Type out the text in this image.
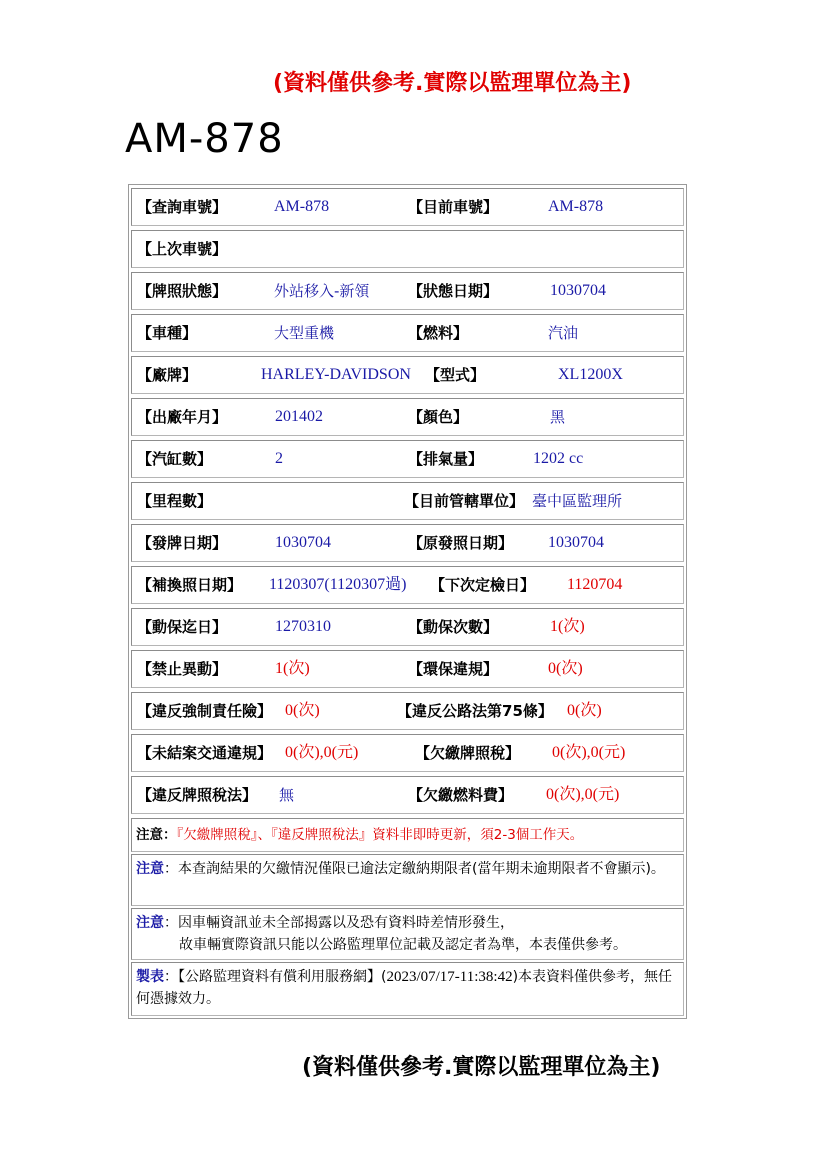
(資料僅供參考.實際以監理單位為主)
AM-878
【查詢車號】	AM-878	【目前車號】	AM-878
【上次車號】
【牌照狀態】	外站移入-新領	【狀態日期】	1030704
【車種】	大型重機	【燃料】	汽油
【廠牌】	HARLEY-DAVIDSON 【型式】	XL1200X
【出廠年月】	201402	【顏色】	黑
【汽缸數】	2	【排氣量】	1202 cc
【里程數】	【目前管轄單位】 臺中區監理所
【發牌日期】	1030704	【原發照日期】 1030704
【補換照日期】 1120307(1120307過) 【下次定檢日】 1120704
【動保迄日】	1270310	【動保次數】	1(次)
【禁止異動】	1(次)	【環保違規】	0(次)
【違反強制責任險】 0(次)	【違反公路法第75條】 0(次)
【未結案交通違規】 0(次),0(元)	【欠繳牌照稅】 0(次),0(元)
【違反牌照稅法】 無	【欠繳燃料費】 0(次),0(元)
注意：『欠繳牌照稅』、『違反牌照稅法』資料非即時更新，須2-3個工作天。
注意：本查詢結果的欠繳情況僅限已逾法定繳納期限者(當年期未逾期限者不會顯示)。
注意：因車輛資訊並未全部揭露以及恐有資料時差情形發生，
故車輛實際資訊只能以公路監理單位記載及認定者為準，本表僅供參考。
製表：【公路監理資料有償利用服務網】(2023/07/17-11:38:42)本表資料僅供參考，無任何憑據效力。
(資料僅供參考.實際以監理單位為主)
